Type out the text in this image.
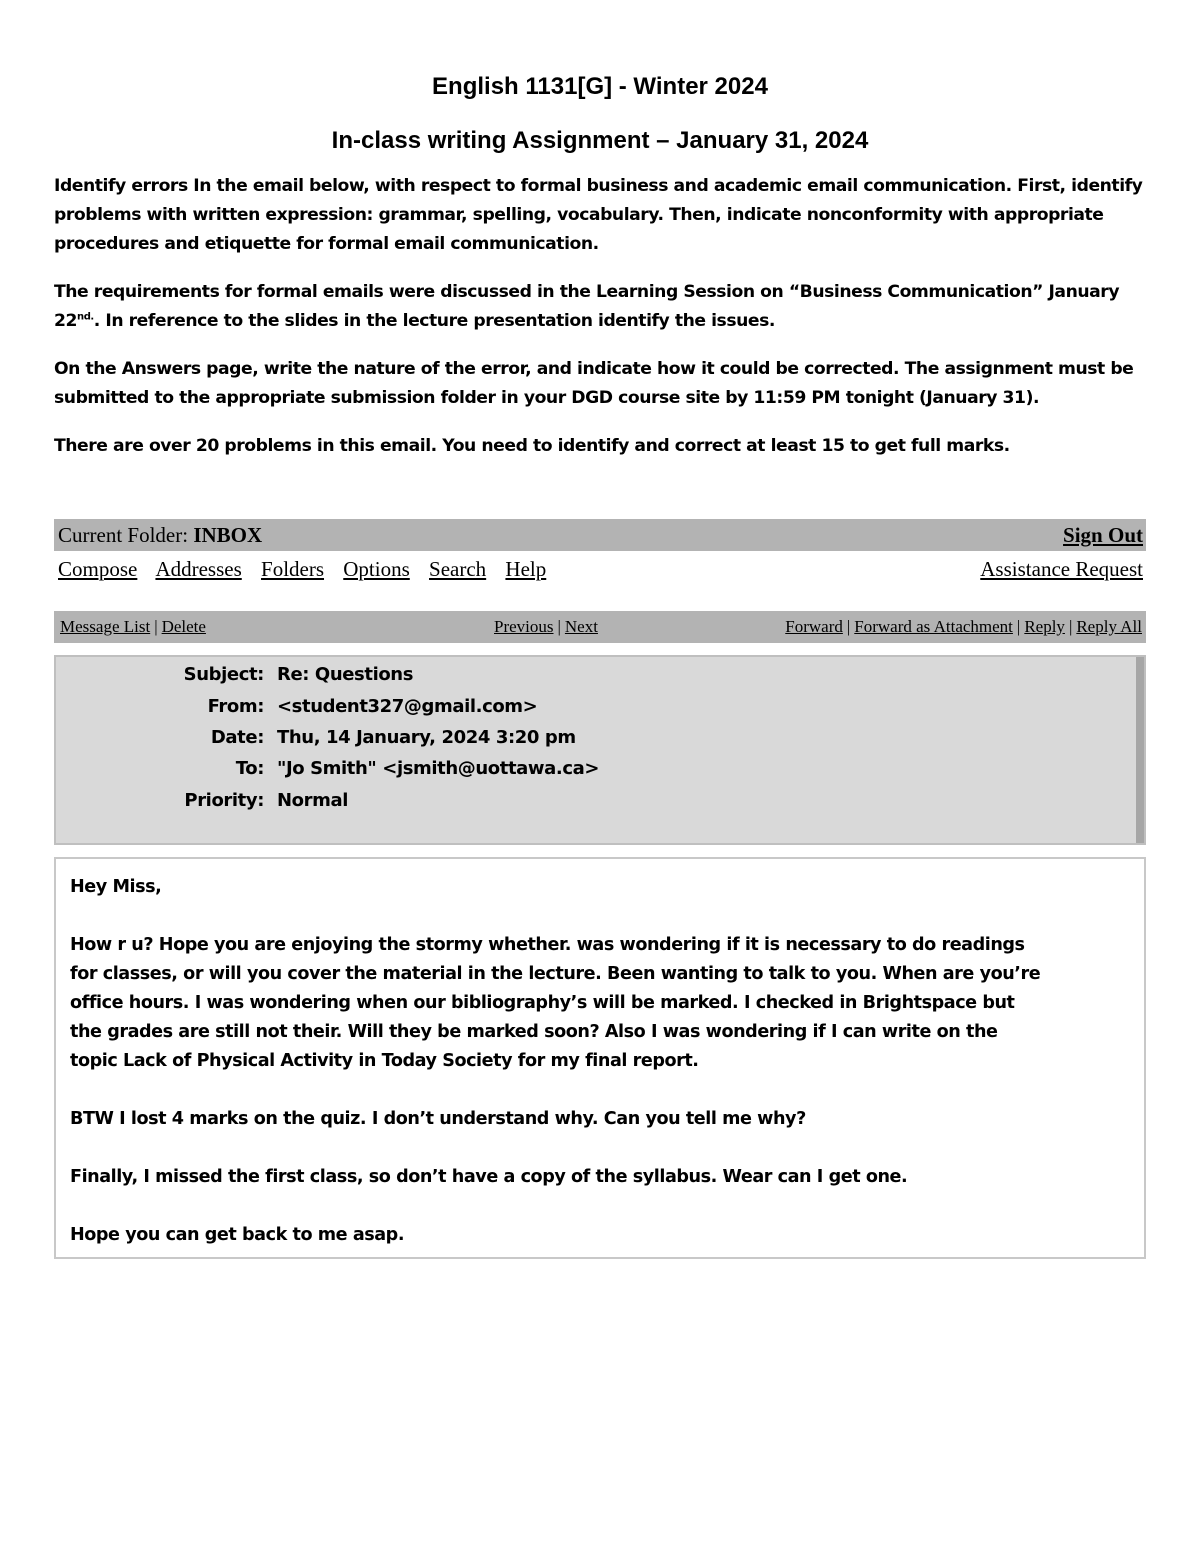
English 1131[G] - Winter 2024
In-class writing Assignment – January 31, 2024

Identify errors In the email below, with respect to formal business and academic email communication. First, identify problems with written expression: grammar, spelling, vocabulary. Then, indicate nonconformity with appropriate procedures and etiquette for formal email communication.

The requirements for formal emails were discussed in the Learning Session on “Business Communication” January $22^{nd.}$. In reference to the slides in the lecture presentation identify the issues.

On the Answers page, write the nature of the error, and indicate how it could be corrected. The assignment must be submitted to the appropriate submission folder in your DGD course site by 11:59 PM tonight (January 31).

There are over 20 problems in this email. You need to identify and correct at least 15 to get full marks.

Current Folder: INBOX	Sign Out
Compose Addresses Folders Options Search Help	Assistance Request
Message List | Delete	Previous | Next	Forward | Forward as Attachment | Reply | Reply All
Subject: Re: Questions
From: <student327@gmail.com>
Date: Thu, 14 January, 2024 3:20 pm
To: "Jo Smith" <jsmith@uottawa.ca>
Priority: Normal

Hey Miss,

How r u? Hope you are enjoying the stormy whether. was wondering if it is necessary to do readings for classes, or will you cover the material in the lecture. Been wanting to talk to you. When are you’re office hours. I was wondering when our bibliography’s will be marked. I checked in Brightspace but the grades are still not their. Will they be marked soon? Also I was wondering if I can write on the topic Lack of Physical Activity in Today Society for my final report.

BTW I lost 4 marks on the quiz. I don’t understand why. Can you tell me why?

Finally, I missed the first class, so don’t have a copy of the syllabus. Wear can I get one.

Hope you can get back to me asap.
